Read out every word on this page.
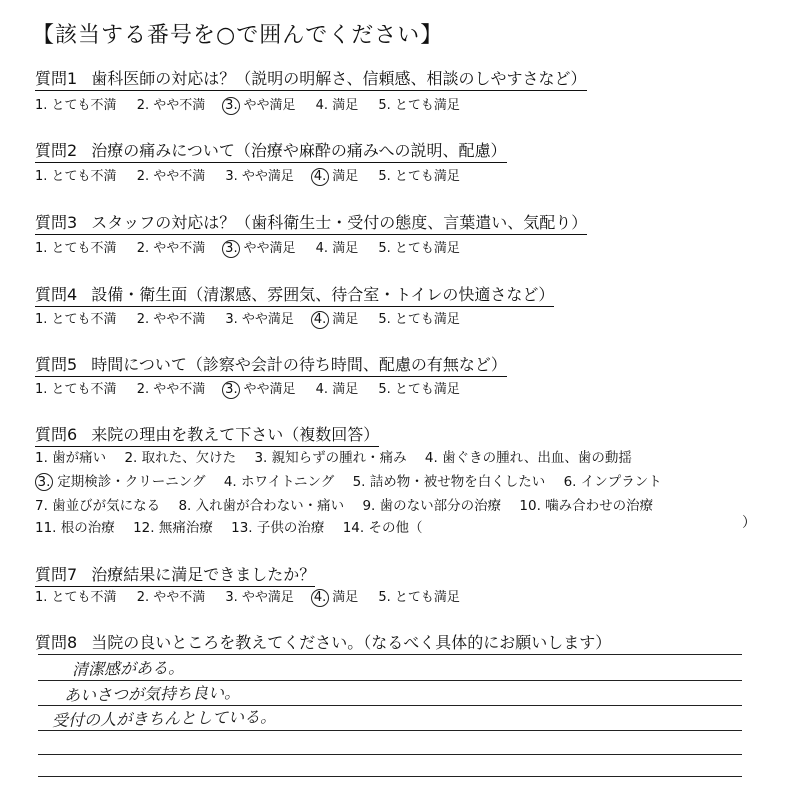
【該当する番号を○で囲んでください】
質問1 歯科医師の対応は？（説明の明解さ、信頼感、相談のしやすさなど）
1. とても不満 2. やや不満 3. やや満足 4. 満足 5. とても満足
質問2 治療の痛みについて（治療や麻酔の痛みへの説明、配慮）
1. とても不満 2. やや不満 3. やや満足 4. 満足 5. とても満足
質問3 スタッフの対応は？（歯科衛生士・受付の態度、言葉遣い、気配り）
1. とても不満 2. やや不満 3. やや満足 4. 満足 5. とても満足
質問4 設備・衛生面（清潔感、雰囲気、待合室・トイレの快適さなど）
1. とても不満 2. やや不満 3. やや満足 4. 満足 5. とても満足
質問5 時間について（診察や会計の待ち時間、配慮の有無など）
1. とても不満 2. やや不満 3. やや満足 4. 満足 5. とても満足
質問6 来院の理由を教えて下さい（複数回答）
1. 歯が痛い 2. 取れた、欠けた 3. 親知らずの腫れ・痛み 4. 歯ぐきの腫れ、出血、歯の動揺
3. 定期検診・クリーニング 4. ホワイトニング 5. 詰め物・被せ物を白くしたい 6. インプラント
7. 歯並びが気になる 8. 入れ歯が合わない・痛い 9. 歯のない部分の治療 10. 噛み合わせの治療
11. 根の治療 12. 無痛治療 13. 子供の治療 14. その他（	）
質問7 治療結果に満足できましたか？
1. とても不満 2. やや不満 3. やや満足 4. 満足 5. とても満足
質問8 当院の良いところを教えてください。（なるべく具体的にお願いします）
清潔感がある。
あいさつが気持ち良い。
受付の人がきちんとしている。
